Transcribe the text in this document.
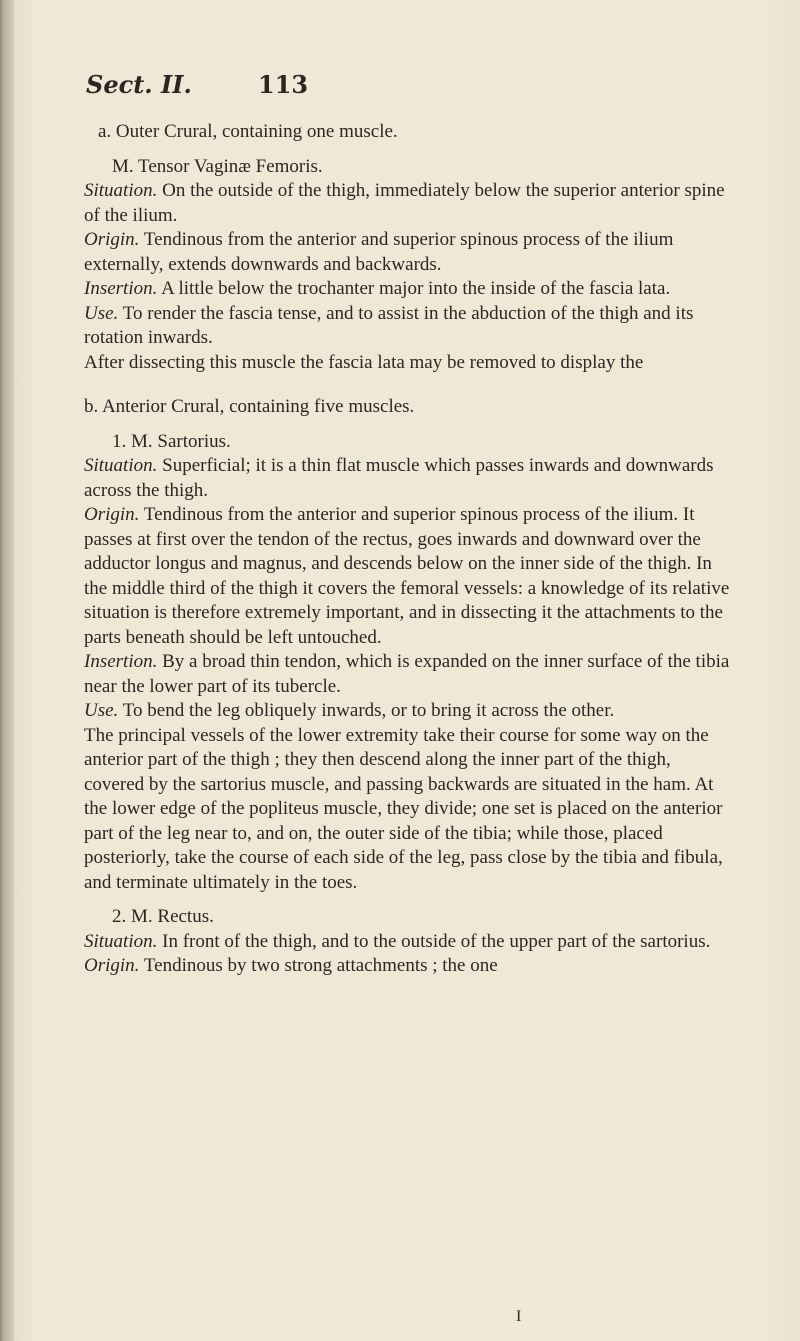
Sect. II.	113

a. Outer Crural, containing one muscle.

M. Tensor Vaginæ Femoris.

Situation. On the outside of the thigh, immediately below the superior anterior spine of the ilium.

Origin. Tendinous from the anterior and superior spinous process of the ilium externally, extends downwards and backwards.

Insertion. A little below the trochanter major into the inside of the fascia lata.

Use. To render the fascia tense, and to assist in the abduction of the thigh and its rotation inwards.

After dissecting this muscle the fascia lata may be removed to display the

b. Anterior Crural, containing five muscles.

1. M. Sartorius.

Situation. Superficial; it is a thin flat muscle which passes inwards and downwards across the thigh.

Origin. Tendinous from the anterior and superior spinous process of the ilium. It passes at first over the tendon of the rectus, goes inwards and downward over the adductor longus and magnus, and descends below on the inner side of the thigh. In the middle third of the thigh it covers the femoral vessels: a knowledge of its relative situation is therefore extremely important, and in dissecting it the attachments to the parts beneath should be left untouched.

Insertion. By a broad thin tendon, which is expanded on the inner surface of the tibia near the lower part of its tubercle.

Use. To bend the leg obliquely inwards, or to bring it across the other.

The principal vessels of the lower extremity take their course for some way on the anterior part of the thigh ; they then descend along the inner part of the thigh, covered by the sartorius muscle, and passing backwards are situated in the ham. At the lower edge of the popliteus muscle, they divide; one set is placed on the anterior part of the leg near to, and on, the outer side of the tibia; while those, placed posteriorly, take the course of each side of the leg, pass close by the tibia and fibula, and terminate ultimately in the toes.

2. M. Rectus.

Situation. In front of the thigh, and to the outside of the upper part of the sartorius.

Origin. Tendinous by two strong attachments ; the one

I
